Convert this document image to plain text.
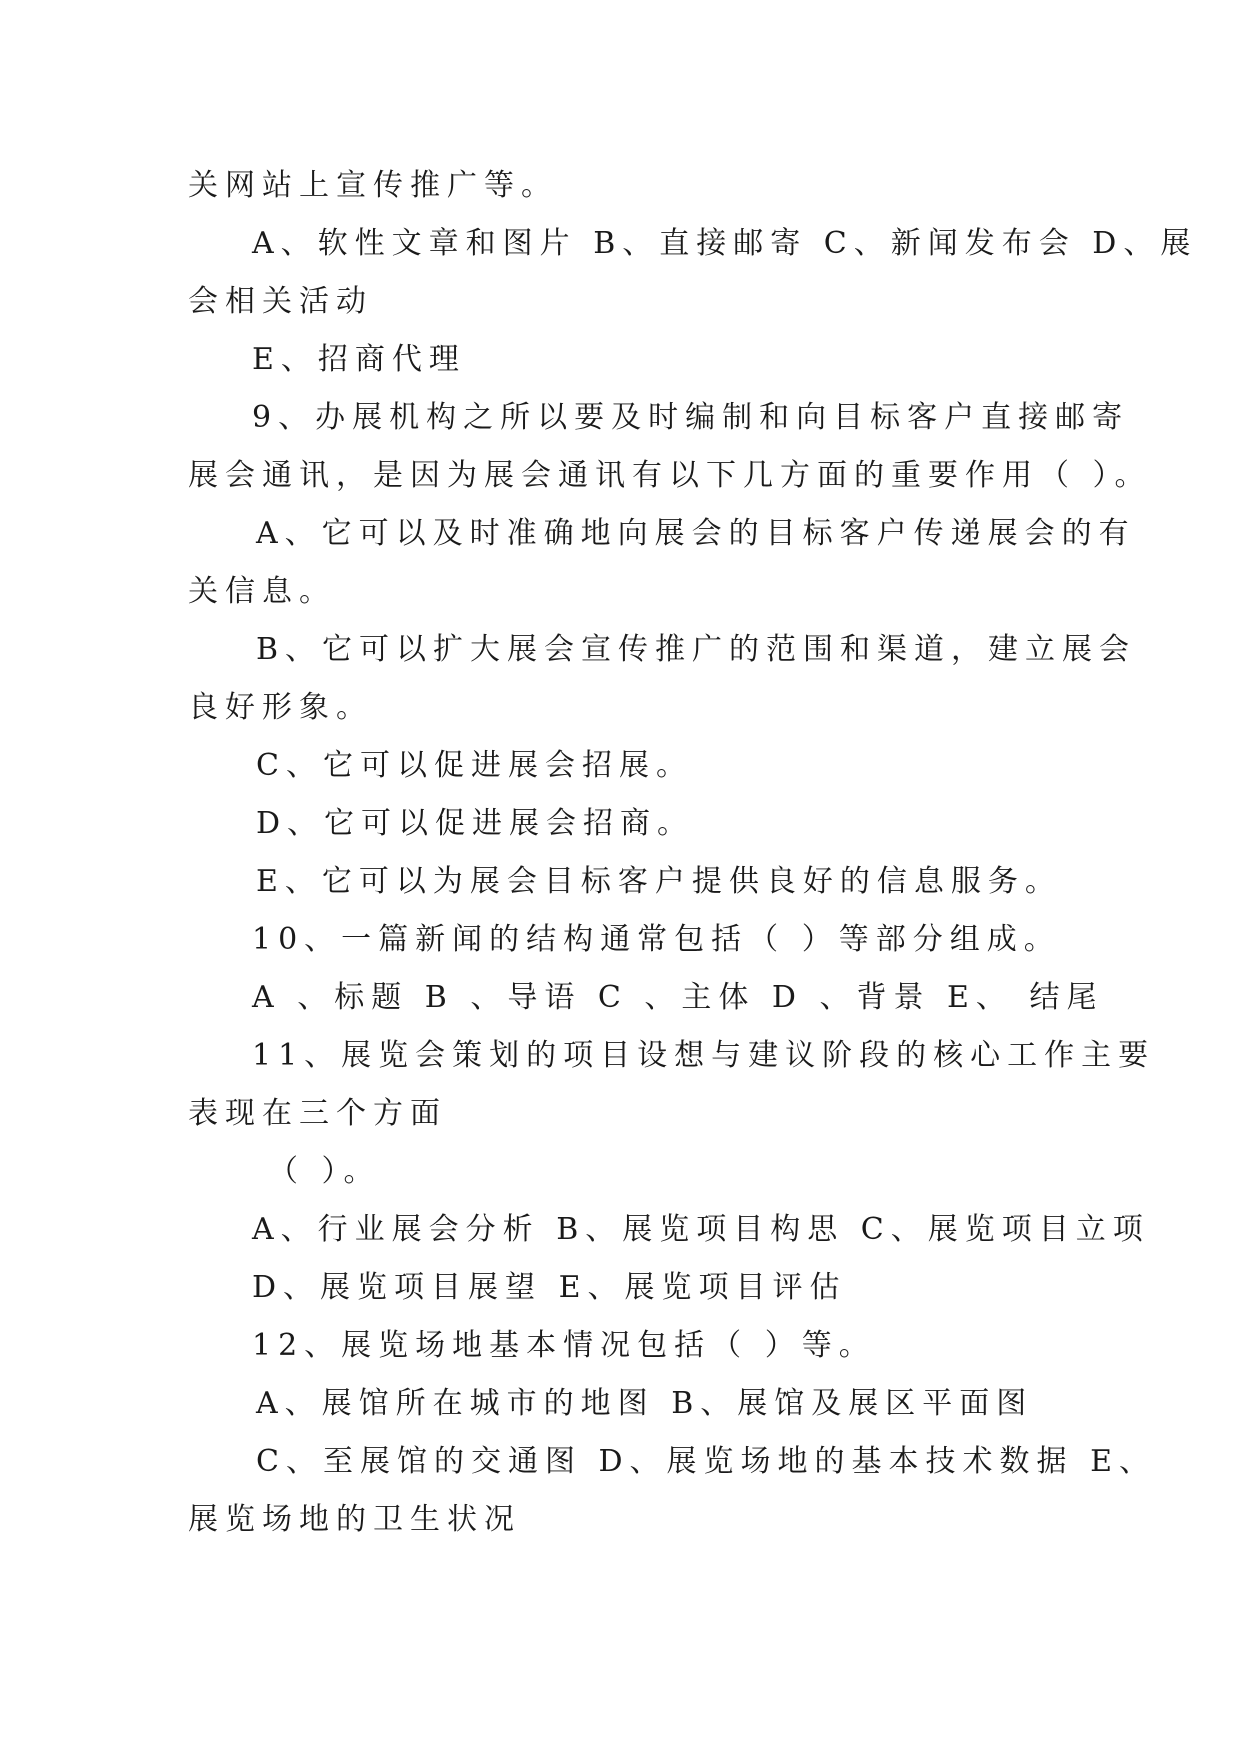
关网站上宣传推广等。
A、软性文章和图片 B、直接邮寄 C、新闻发布会 D、展
会相关活动
E、招商代理
9、办展机构之所以要及时编制和向目标客户直接邮寄
展会通讯，是因为展会通讯有以下几方面的重要作用（ ）。
A、它可以及时准确地向展会的目标客户传递展会的有
关信息。
B、它可以扩大展会宣传推广的范围和渠道，建立展会
良好形象。
C、它可以促进展会招展。
D、它可以促进展会招商。
E、它可以为展会目标客户提供良好的信息服务。
10、一篇新闻的结构通常包括（ ）等部分组成。
A 、标题 B 、导语 C 、主体 D 、背景 E、 结尾
11、展览会策划的项目设想与建议阶段的核心工作主要
表现在三个方面
（ ）。
A、行业展会分析 B、展览项目构思 C、展览项目立项
D、展览项目展望 E、展览项目评估
12、展览场地基本情况包括（ ）等。
A、展馆所在城市的地图 B、展馆及展区平面图
C、至展馆的交通图 D、展览场地的基本技术数据 E、
展览场地的卫生状况
